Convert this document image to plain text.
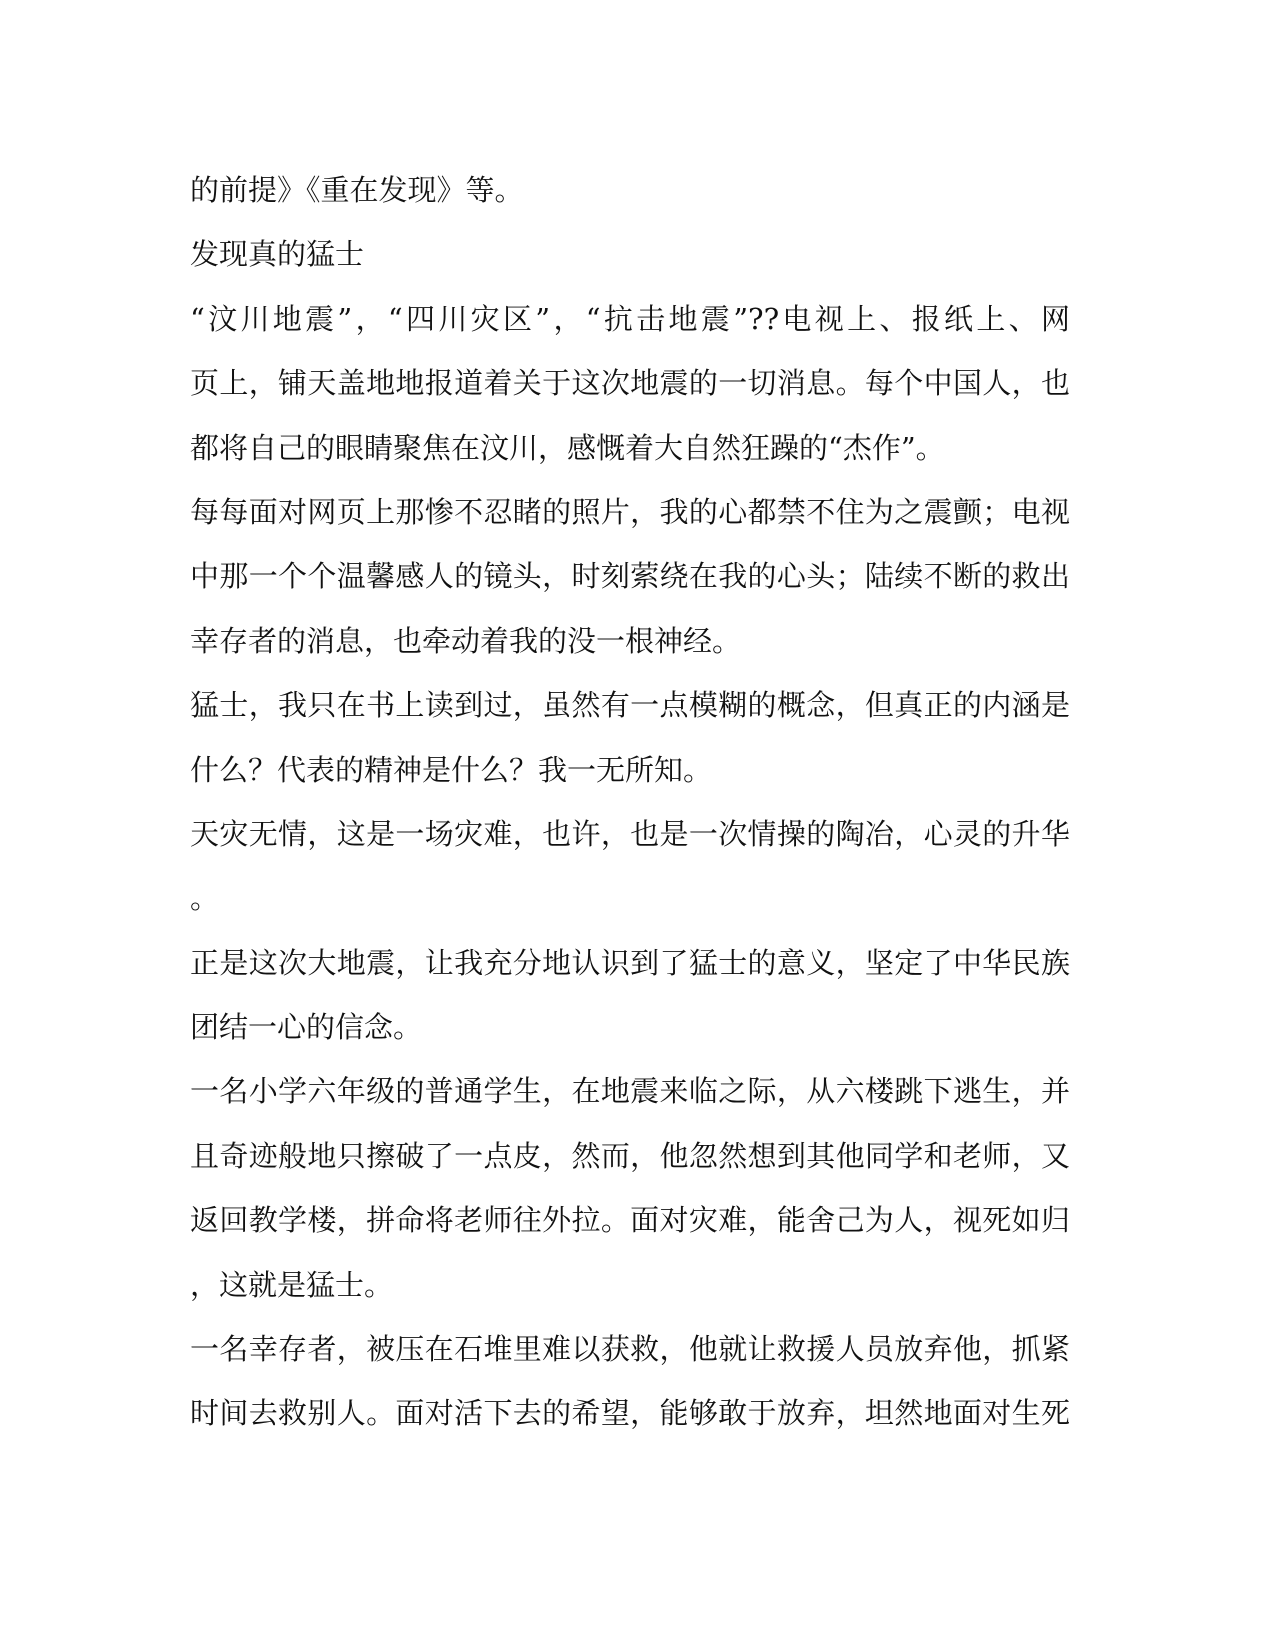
的前提》《重在发现》等。
发现真的猛士
“汶川地震”，“四川灾区”，“抗击地震”??电视上、报纸上、网
页上，铺天盖地地报道着关于这次地震的一切消息。每个中国人，也
都将自己的眼睛聚焦在汶川，感慨着大自然狂躁的“杰作”。
每每面对网页上那惨不忍睹的照片，我的心都禁不住为之震颤；电视
中那一个个温馨感人的镜头，时刻萦绕在我的心头；陆续不断的救出
幸存者的消息，也牵动着我的没一根神经。
猛士，我只在书上读到过，虽然有一点模糊的概念，但真正的内涵是
什么？代表的精神是什么？我一无所知。
天灾无情，这是一场灾难，也许，也是一次情操的陶冶，心灵的升华
。
正是这次大地震，让我充分地认识到了猛士的意义，坚定了中华民族
团结一心的信念。
一名小学六年级的普通学生，在地震来临之际，从六楼跳下逃生，并
且奇迹般地只擦破了一点皮，然而，他忽然想到其他同学和老师，又
返回教学楼，拼命将老师往外拉。面对灾难，能舍己为人，视死如归
，这就是猛士。
一名幸存者，被压在石堆里难以获救，他就让救援人员放弃他，抓紧
时间去救别人。面对活下去的希望，能够敢于放弃，坦然地面对生死
